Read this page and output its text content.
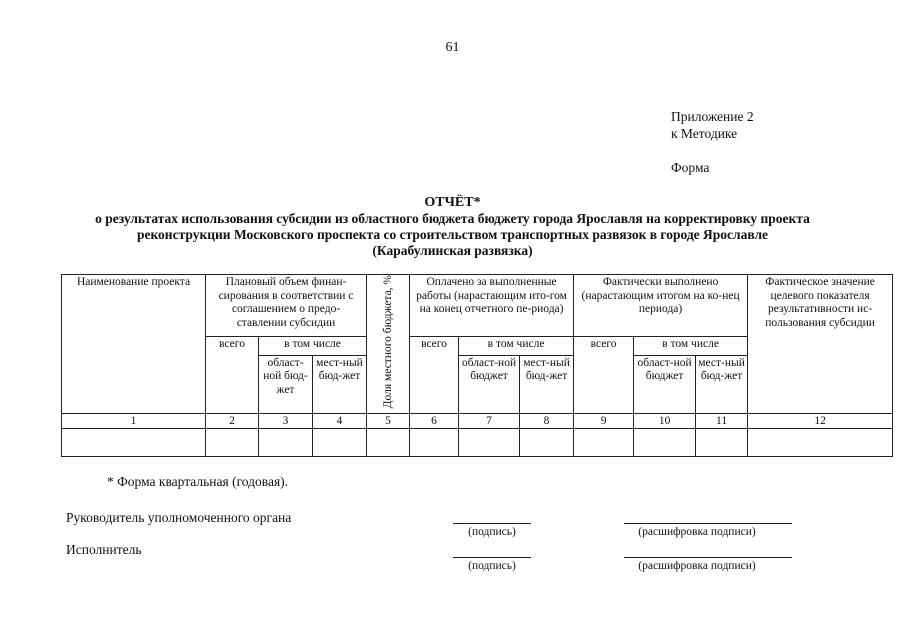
61
Приложение 2
к Методике
Форма
ОТЧЁТ*
о результатах использования субсидии из областного бюджета бюджету города Ярославля на корректировку проекта
реконструкции Московского проспекта со строительством транспортных развязок в городе Ярославле
(Карабулинская развязка)
Наименование проекта	Плановый объем финан-сирования в соответствии с соглашением о предо-ставлении субсидии			Доля местного бюджета, %	Оплачено за выполненные работы (нарастающим ито-гом на конец отчетного пе-риода)			Фактически выполнено (нарастающим итогом на ко-нец периода)			Фактическое значение целевого показателя результативности ис-пользования субсидии
	всего	в том числе			всего	в том числе		всего	в том числе		
		област-ной бюд-жет	мест-ный бюд-жет			област-ной бюджет	мест-ный бюд-жет		област-ной бюджет	мест-ный бюд-жет	
1	2	3	4	5	6	7	8	9	10	11	12

* Форма квартальная (годовая).
Руководитель уполномоченного органа
(подпись)	(расшифровка подписи)
Исполнитель
(подпись)	(расшифровка подписи)
